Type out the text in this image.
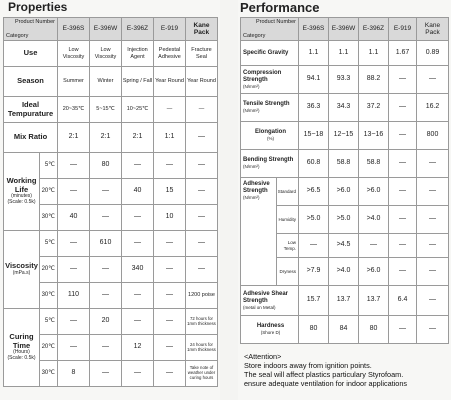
Properties
Product Number
Category		E-396S	E-396W	E-396Z	E-919	Kane Pack
Use		Low Viscosity	Low Viscosity	Injection Agent	Pedestal Adhesive	Fracture Seal
Season		Summer	Winter	Spring / Fall	Year Round	Year Round
Ideal Tempurature		20~35℃	5~15℃	10~25℃	—	—
Mix Ratio		2:1	2:1	2:1	1:1	—
Working Life
(minutes)
(Scale: 0.5k)	5℃	—	80	—	—	—
	20℃	—	—	40	15	—
	30℃	40	—	—	10	—
Viscosity
(mPa.s)	5℃	—	610	—	—	—
	20℃	—	—	340	—	—
	30℃	110	—	—	—	1200 poise
Curing Time
(Hours)
(Scale: 0.5k)	5℃	—	20	—	—	72 hours for 1mm thickness
	20℃	—	—	12	—	24 hours for 1mm thickness
	30℃	8	—	—	—	Take note of weather under curing hours
Performance
Product Number
Category		E-396S	E-396W	E-396Z	E-919	Kane Pack
Specific Gravity		1.1	1.1	1.1	1.67	0.89
Compression Strength
(N/mm²)		94.1	93.3	88.2	—	—
Tensile Strength
(N/mm²)		36.3	34.3	37.2	—	16.2
Elongation
(%)		15~18	12~15	13~16	—	800
Bending Strength
(N/mm²)		60.8	58.8	58.8	—	—
Adhesive Strength
(N/mm²)	Standard	>6.5	>6.0	>6.0	—	—
	Humidity	>5.0	>5.0	>4.0	—	—
	Low Temp.	—	>4.5	—	—	—
	Dryness	>7.9	>4.0	>6.0	—	—
Adhesive Shear Strength
(metal on Metal)		15.7	13.7	13.7	6.4	—
Hardness
(Shore D)		80	84	80	—	—
<Attention>
Store indoors away from ignition points.
The seal will affect plastics particulary Styrofoam.
ensure adequate ventilation for indoor applications
